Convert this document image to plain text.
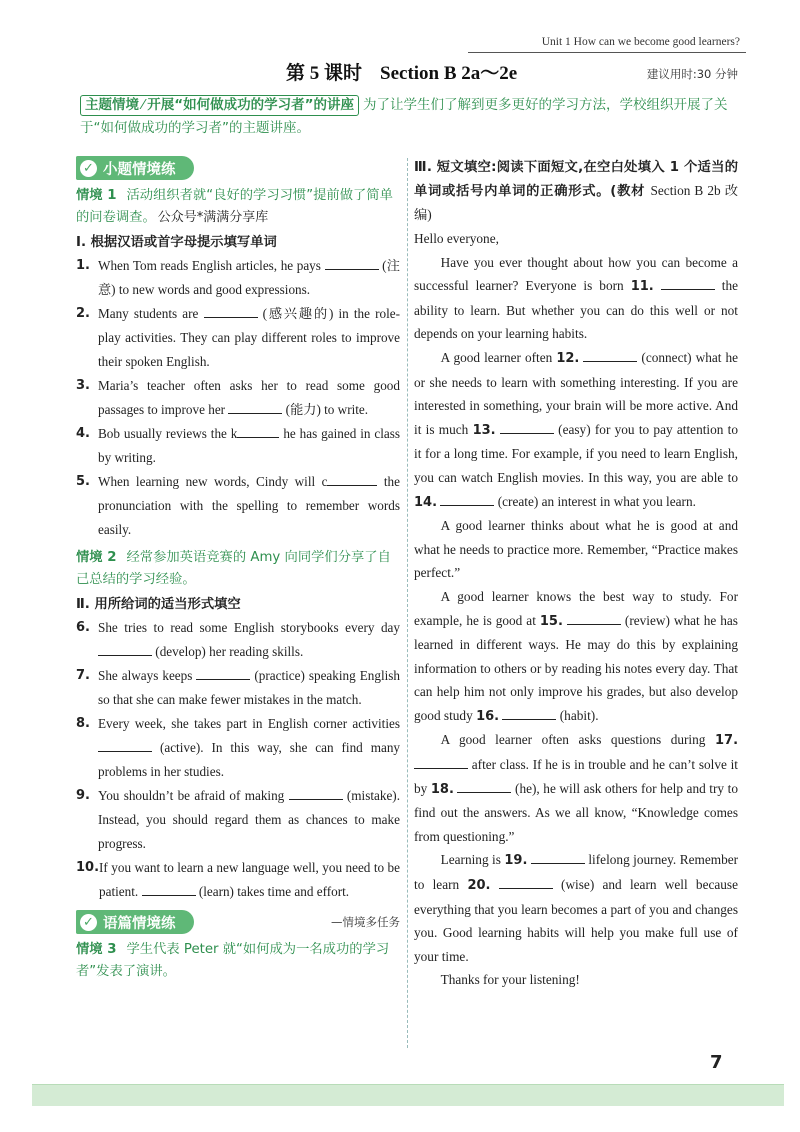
Unit 1 How can we become good learners?
第 5 课时 Section B 2a～2e	建议用时:30 分钟
主题情境 ⁄ 开展“如何做成功的学习者”的讲座 为了让学生们了解到更多更好的学习方法，学校组织开展了关于“如何做成功的学习者”的主题讲座。
✓ 小题情境练
情境 1 活动组织者就“良好的学习习惯”提前做了简单的问卷调查。 公众号*满满分享库
Ⅰ. 根据汉语或首字母提示填写单词
1. When Tom reads English articles, he pays	(注意) to new words and good expressions.
2. Many students are	(感兴趣的) in the role-play activities. They can play different roles to improve their spoken English.
3. Maria’s teacher often asks her to read some good passages to improve her	(能力) to write.
4. Bob usually reviews the k	he has gained in class by writing.
5. When learning new words, Cindy will c	the pronunciation with the spelling to remember words easily.
情境 2 经常参加英语竞赛的 Amy 向同学们分享了自己总结的学习经验。
Ⅱ. 用所给词的适当形式填空
6. She tries to read some English storybooks every day  (develop) her reading skills.
7. She always keeps	(practice) speaking English so that she can make fewer mistakes in the match.
8. Every week, she takes part in English corner activities  (active). In this way, she can find many problems in her studies.
9. You shouldn’t be afraid of making	(mistake). Instead, you should regard them as chances to make progress.
10. If you want to learn a new language well, you need to be patient.	(learn) takes time and effort.
✓ 语篇情境练	—情境多任务
情境 3 学生代表 Peter 就“如何成为一名成功的学习者”发表了演讲。
Ⅲ. 短文填空:阅读下面短文,在空白处填入 1 个适当的单词或括号内单词的正确形式。(教材 Section B 2b 改编)

Hello everyone,

Have you ever thought about how you can become a successful learner? Everyone is born 11.	the ability to learn. But whether you can do this well or not depends on your learning habits.

A good learner often 12.	(connect) what he or she needs to learn with something interesting. If you are interested in something, your brain will be more active. And it is much 13.	(easy) for you to pay attention to it for a long time. For example, if you need to learn English, you can watch English movies. In this way, you are able to 14.	(create) an interest in what you learn.

A good learner thinks about what he is good at and what he needs to practice more. Remember, “Practice makes perfect.”

A good learner knows the best way to study. For example, he is good at 15.	(review) what he has learned in different ways. He may do this by explaining information to others or by reading his notes every day. That can help him not only improve his grades, but also develop good study 16.	(habit).

A good learner often asks questions during 17.  after class. If he is in trouble and he can’t solve it by 18.	(he), he will ask others for help and try to find out the answers. As we all know, “Knowledge comes from questioning.”

Learning is 19.	lifelong journey. Remember to learn 20.	(wise) and learn well because everything that you learn becomes a part of you and changes you. Good learning habits will help you make full use of your time.

Thanks for your listening!

7
